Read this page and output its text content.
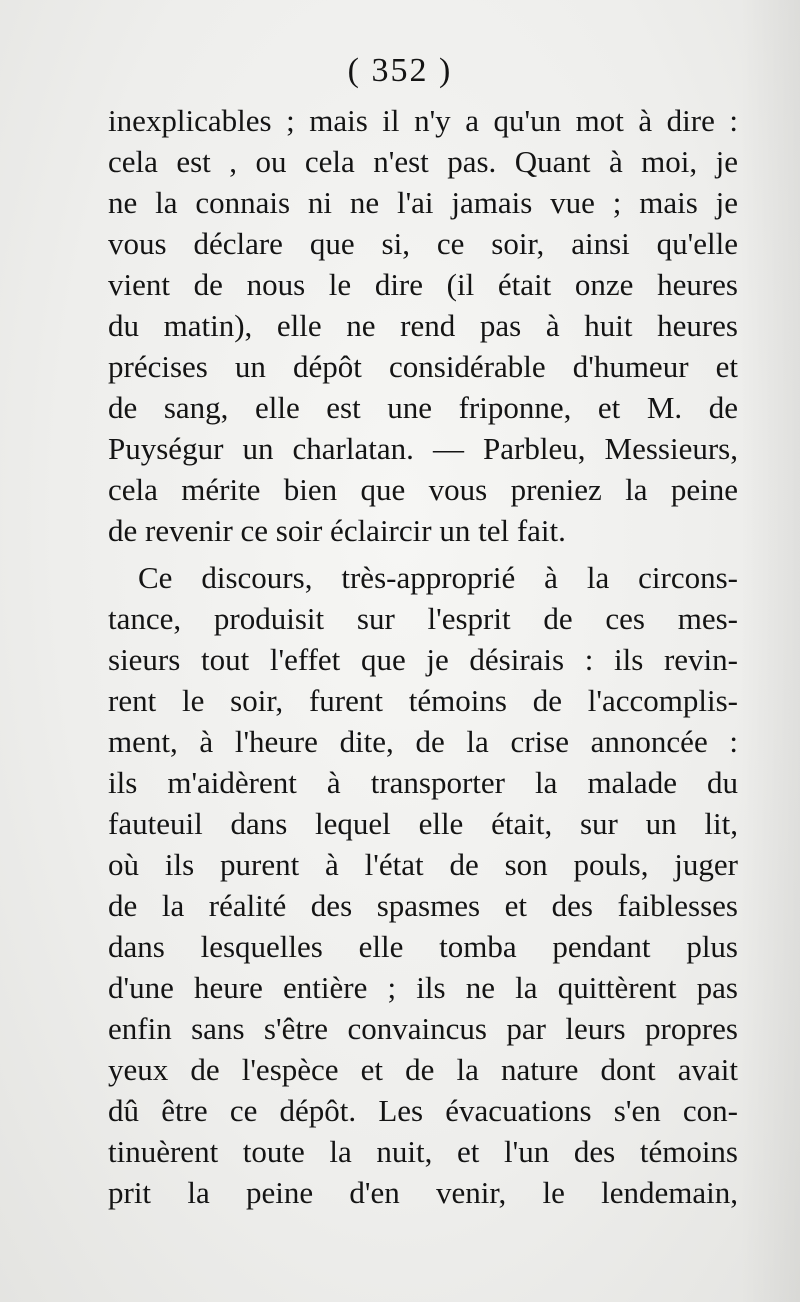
( 352 )
inexplicables ; mais il n'y a qu'un mot à dire :
cela est , ou cela n'est pas. Quant à moi, je
ne la connais ni ne l'ai jamais vue ; mais je
vous déclare que si, ce soir, ainsi qu'elle
vient de nous le dire (il était onze heures
du matin), elle ne rend pas à huit heures
précises un dépôt considérable d'humeur et
de sang, elle est une friponne, et M. de
Puységur un charlatan. — Parbleu, Messieurs,
cela mérite bien que vous preniez la peine
de revenir ce soir éclaircir un tel fait.
Ce discours, très-approprié à la circons-
tance, produisit sur l'esprit de ces mes-
sieurs tout l'effet que je désirais : ils revin-
rent le soir, furent témoins de l'accomplis-
ment, à l'heure dite, de la crise annoncée :
ils m'aidèrent à transporter la malade du
fauteuil dans lequel elle était, sur un lit,
où ils purent à l'état de son pouls, juger
de la réalité des spasmes et des faiblesses
dans lesquelles elle tomba pendant plus
d'une heure entière ; ils ne la quittèrent pas
enfin sans s'être convaincus par leurs propres
yeux de l'espèce et de la nature dont avait
dû être ce dépôt. Les évacuations s'en con-
tinuèrent toute la nuit, et l'un des témoins
prit la peine d'en venir, le lendemain,
